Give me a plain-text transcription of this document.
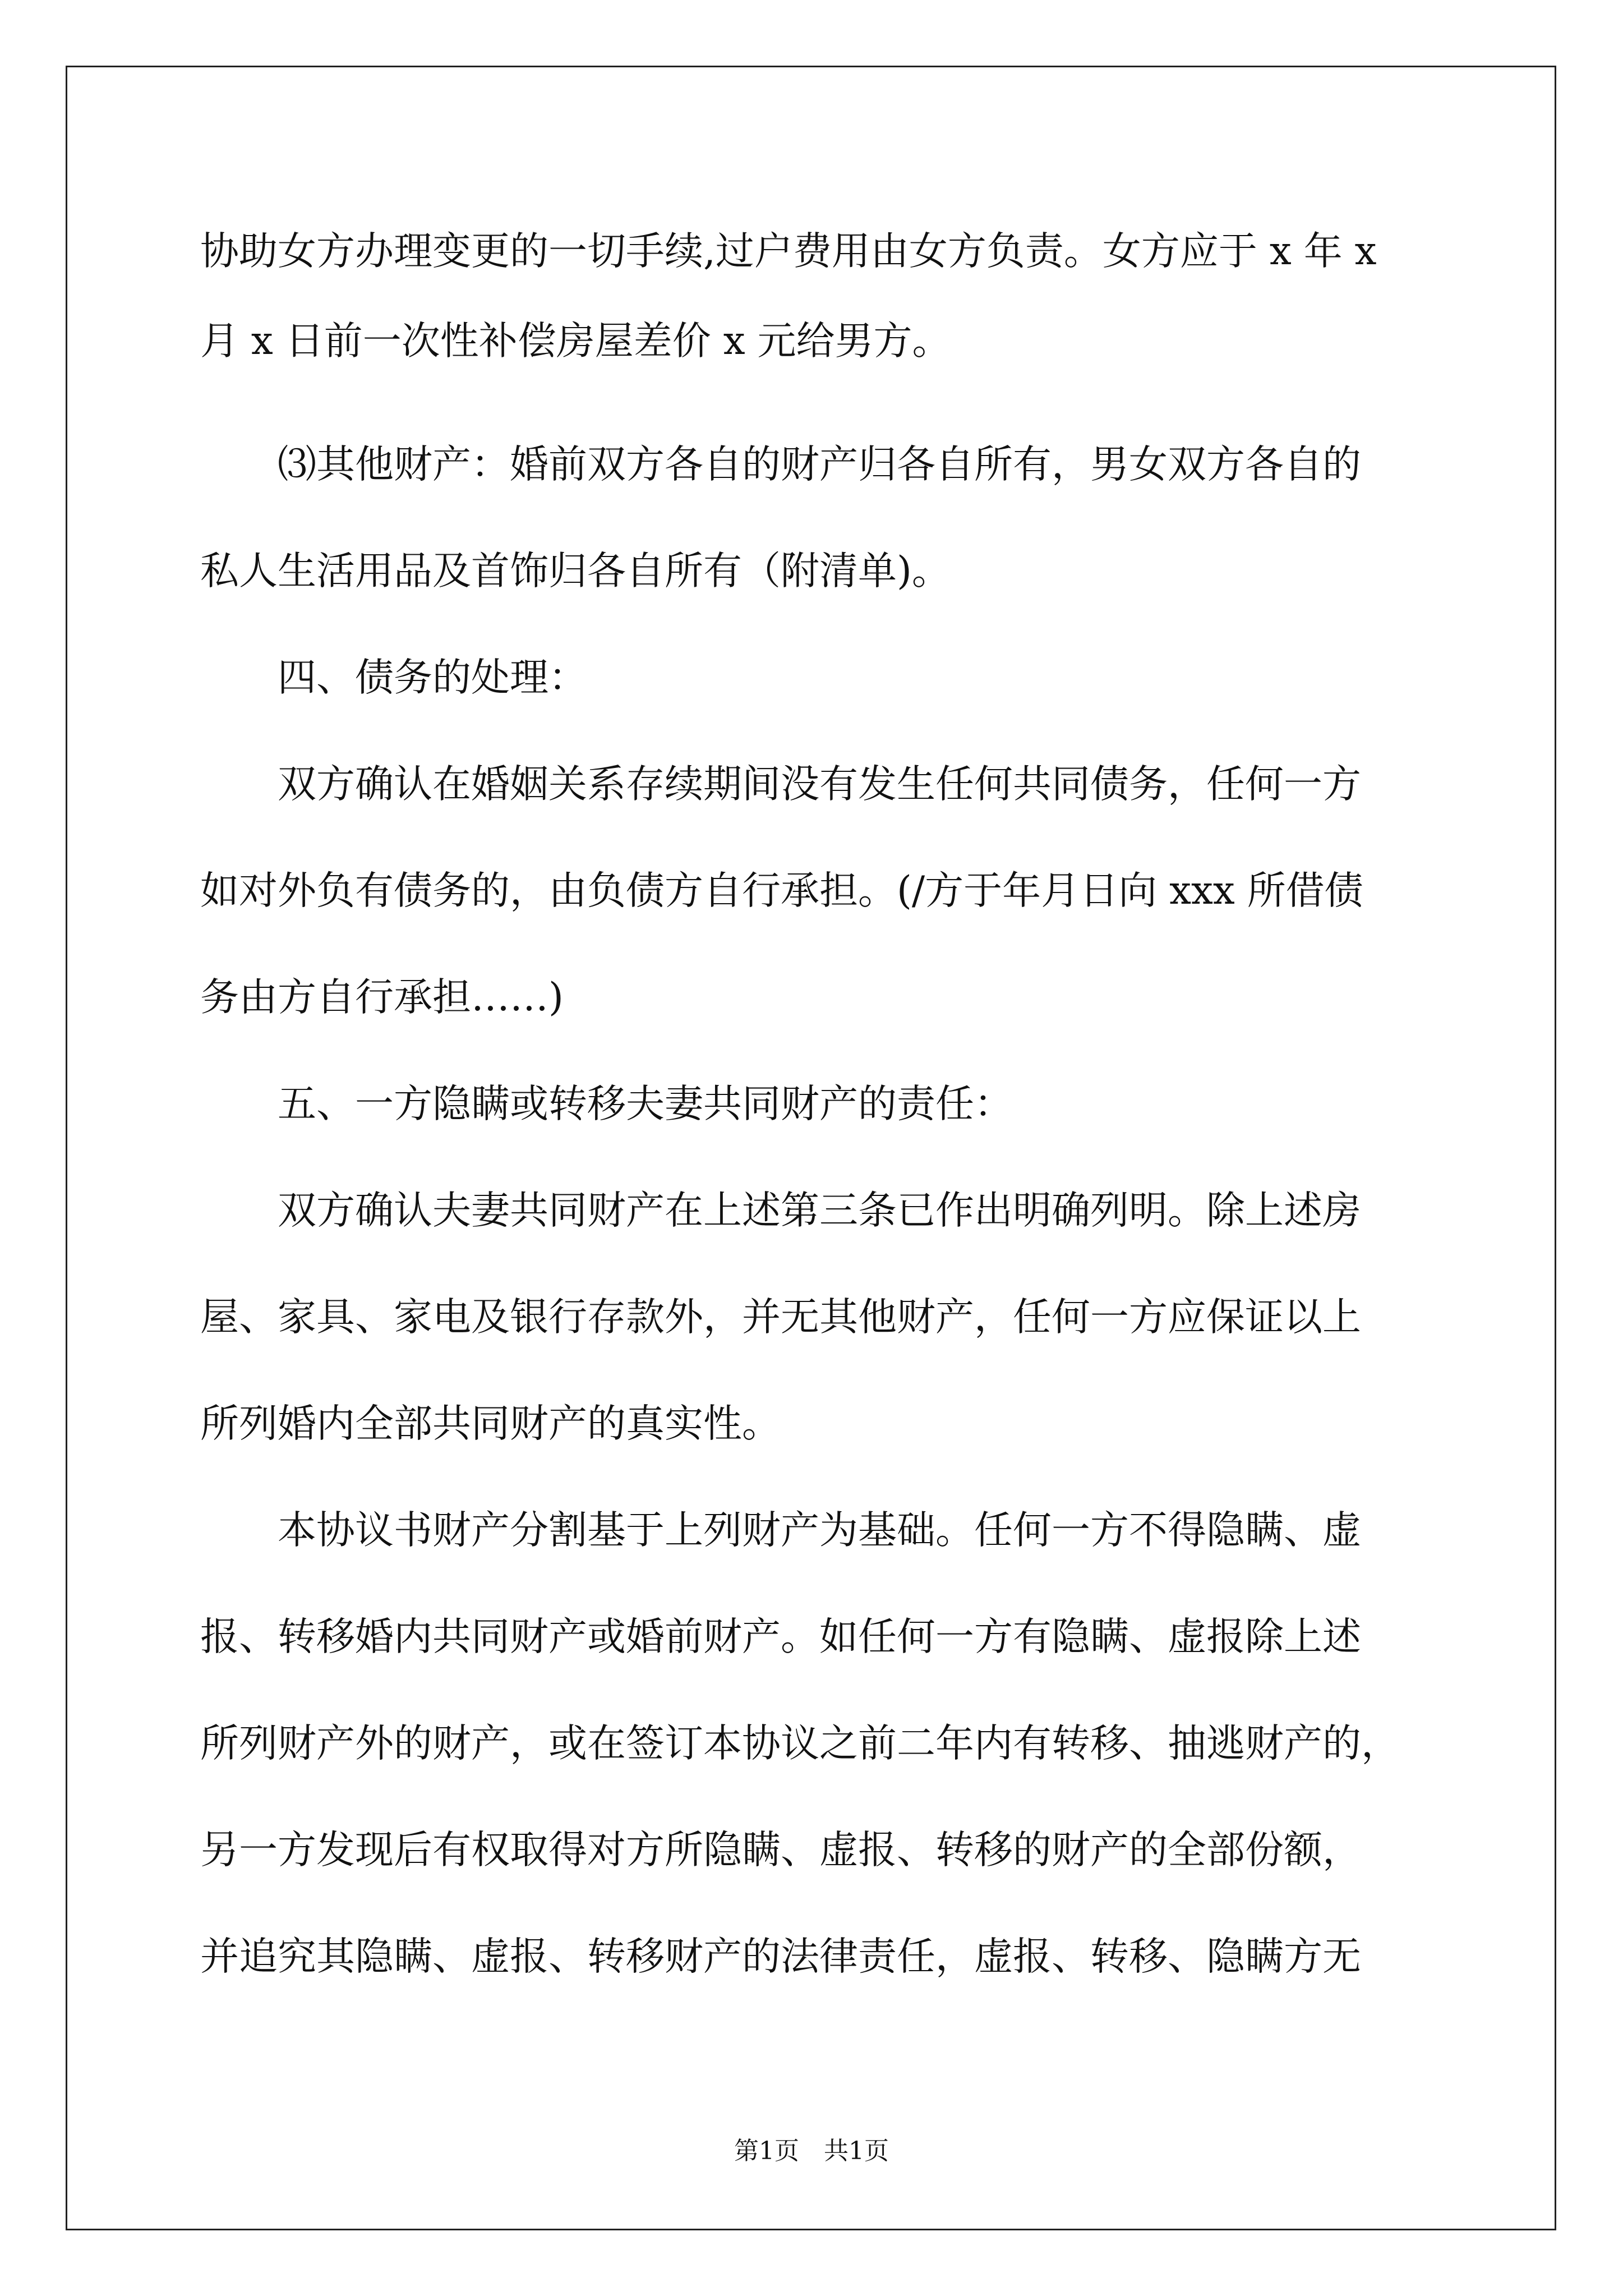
协助女方办理变更的一切手续,过户费用由女方负责。女方应于 x 年 x
月 x 日前一次性补偿房屋差价 x 元给男方。
　　⑶其他财产：婚前双方各自的财产归各自所有，男女双方各自的
私人生活用品及首饰归各自所有（附清单)。
　　四、债务的处理：
　　双方确认在婚姻关系存续期间没有发生任何共同债务，任何一方
如对外负有债务的，由负债方自行承担。(/方于年月日向 xxx 所借债
务由方自行承担……)
　　五、一方隐瞒或转移夫妻共同财产的责任：
　　双方确认夫妻共同财产在上述第三条已作出明确列明。除上述房
屋、家具、家电及银行存款外，并无其他财产，任何一方应保证以上
所列婚内全部共同财产的真实性。
　　本协议书财产分割基于上列财产为基础。任何一方不得隐瞒、虚
报、转移婚内共同财产或婚前财产。如任何一方有隐瞒、虚报除上述
所列财产外的财产，或在签订本协议之前二年内有转移、抽逃财产的，
另一方发现后有权取得对方所隐瞒、虚报、转移的财产的全部份额，
并追究其隐瞒、虚报、转移财产的法律责任，虚报、转移、隐瞒方无
第1页　共1页
